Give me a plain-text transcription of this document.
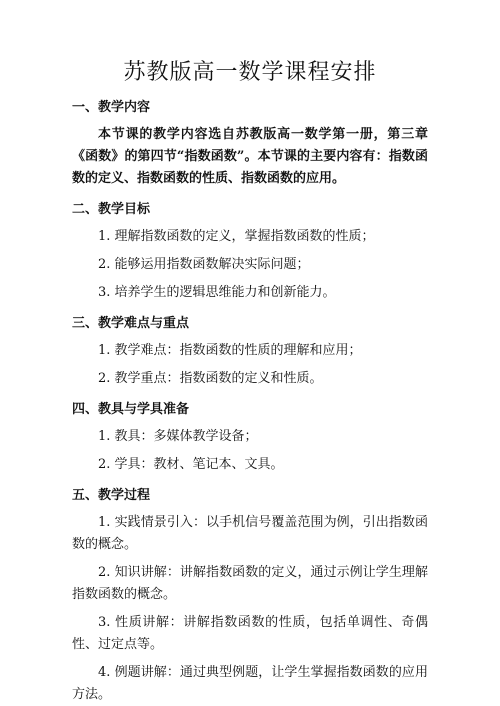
苏教版高一数学课程安排
一、教学内容
本节课的教学内容选自苏教版高一数学第一册，第三章《函数》的第四节“指数函数”。本节课的主要内容有：指数函数的定义、指数函数的性质、指数函数的应用。
二、教学目标
1. 理解指数函数的定义，掌握指数函数的性质；
2. 能够运用指数函数解决实际问题；
3. 培养学生的逻辑思维能力和创新能力。
三、教学难点与重点
1. 教学难点：指数函数的性质的理解和应用；
2. 教学重点：指数函数的定义和性质。
四、教具与学具准备
1. 教具：多媒体教学设备；
2. 学具：教材、笔记本、文具。
五、教学过程
1. 实践情景引入：以手机信号覆盖范围为例，引出指数函数的概念。
2. 知识讲解：讲解指数函数的定义，通过示例让学生理解指数函数的概念。
3. 性质讲解：讲解指数函数的性质，包括单调性、奇偶性、过定点等。
4. 例题讲解：通过典型例题，让学生掌握指数函数的应用方法。
